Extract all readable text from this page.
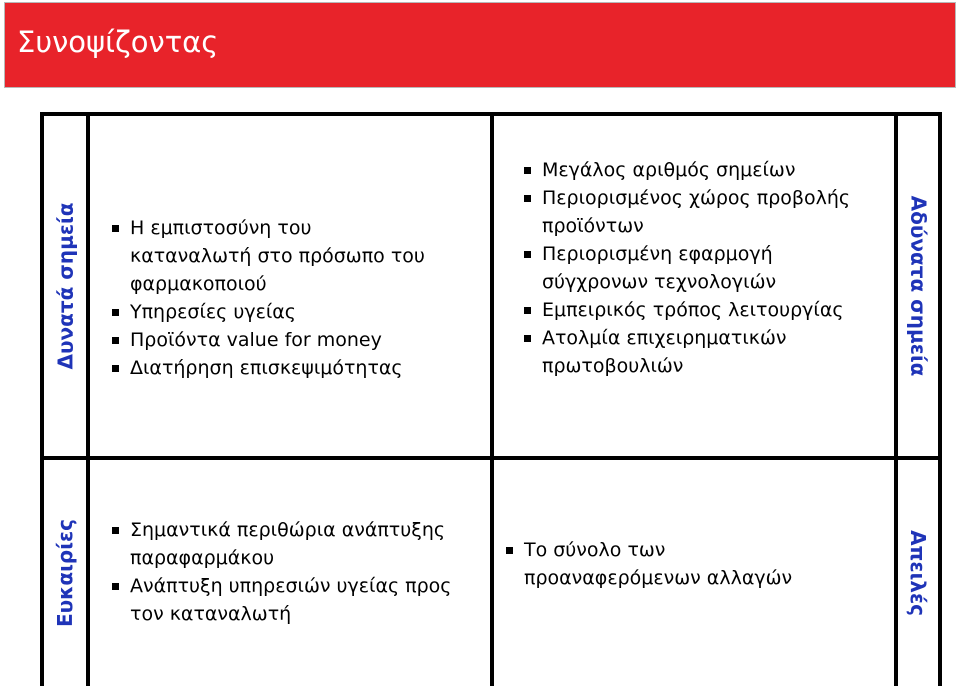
Συνοψίζοντας
Δυνατά σημεία	Αδύνατα σημεία
Ευκαιρίες	Απειλές
Η εμπιστοσύνη του καταναλωτή στο πρόσωπο του φαρμακοποιού
Υπηρεσίες υγείας
Προϊόντα value for money
Διατήρηση επισκεψιμότητας
Μεγάλος αριθμός σημείων
Περιορισμένος χώρος προβολής προϊόντων
Περιορισμένη εφαρμογή σύγχρονων τεχνολογιών
Εμπειρικός τρόπος λειτουργίας
Ατολμία επιχειρηματικών πρωτοβουλιών
Σημαντικά περιθώρια ανάπτυξης παραφαρμάκου
Ανάπτυξη υπηρεσιών υγείας προς τον καταναλωτή
Το σύνολο των προαναφερόμενων αλλαγών
